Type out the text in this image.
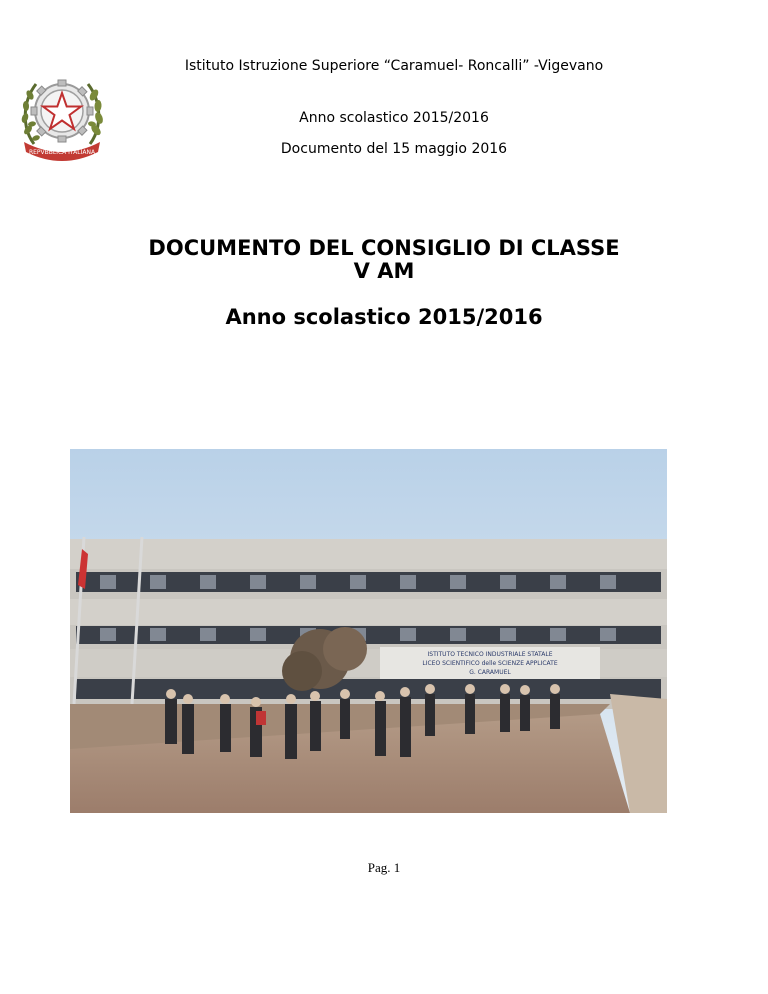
REPVBBLICA ITALIANA
Istituto Istruzione Superiore “Caramuel- Roncalli” -Vigevano
Anno scolastico 2015/2016
Documento del 15 maggio 2016
DOCUMENTO DEL CONSIGLIO DI CLASSE
V AM
Anno scolastico 2015/2016
ISTITUTO TECNICO INDUSTRIALE STATALE
LICEO SCIENTIFICO delle SCIENZE APPLICATE
G. CARAMUEL
Pag. 1
